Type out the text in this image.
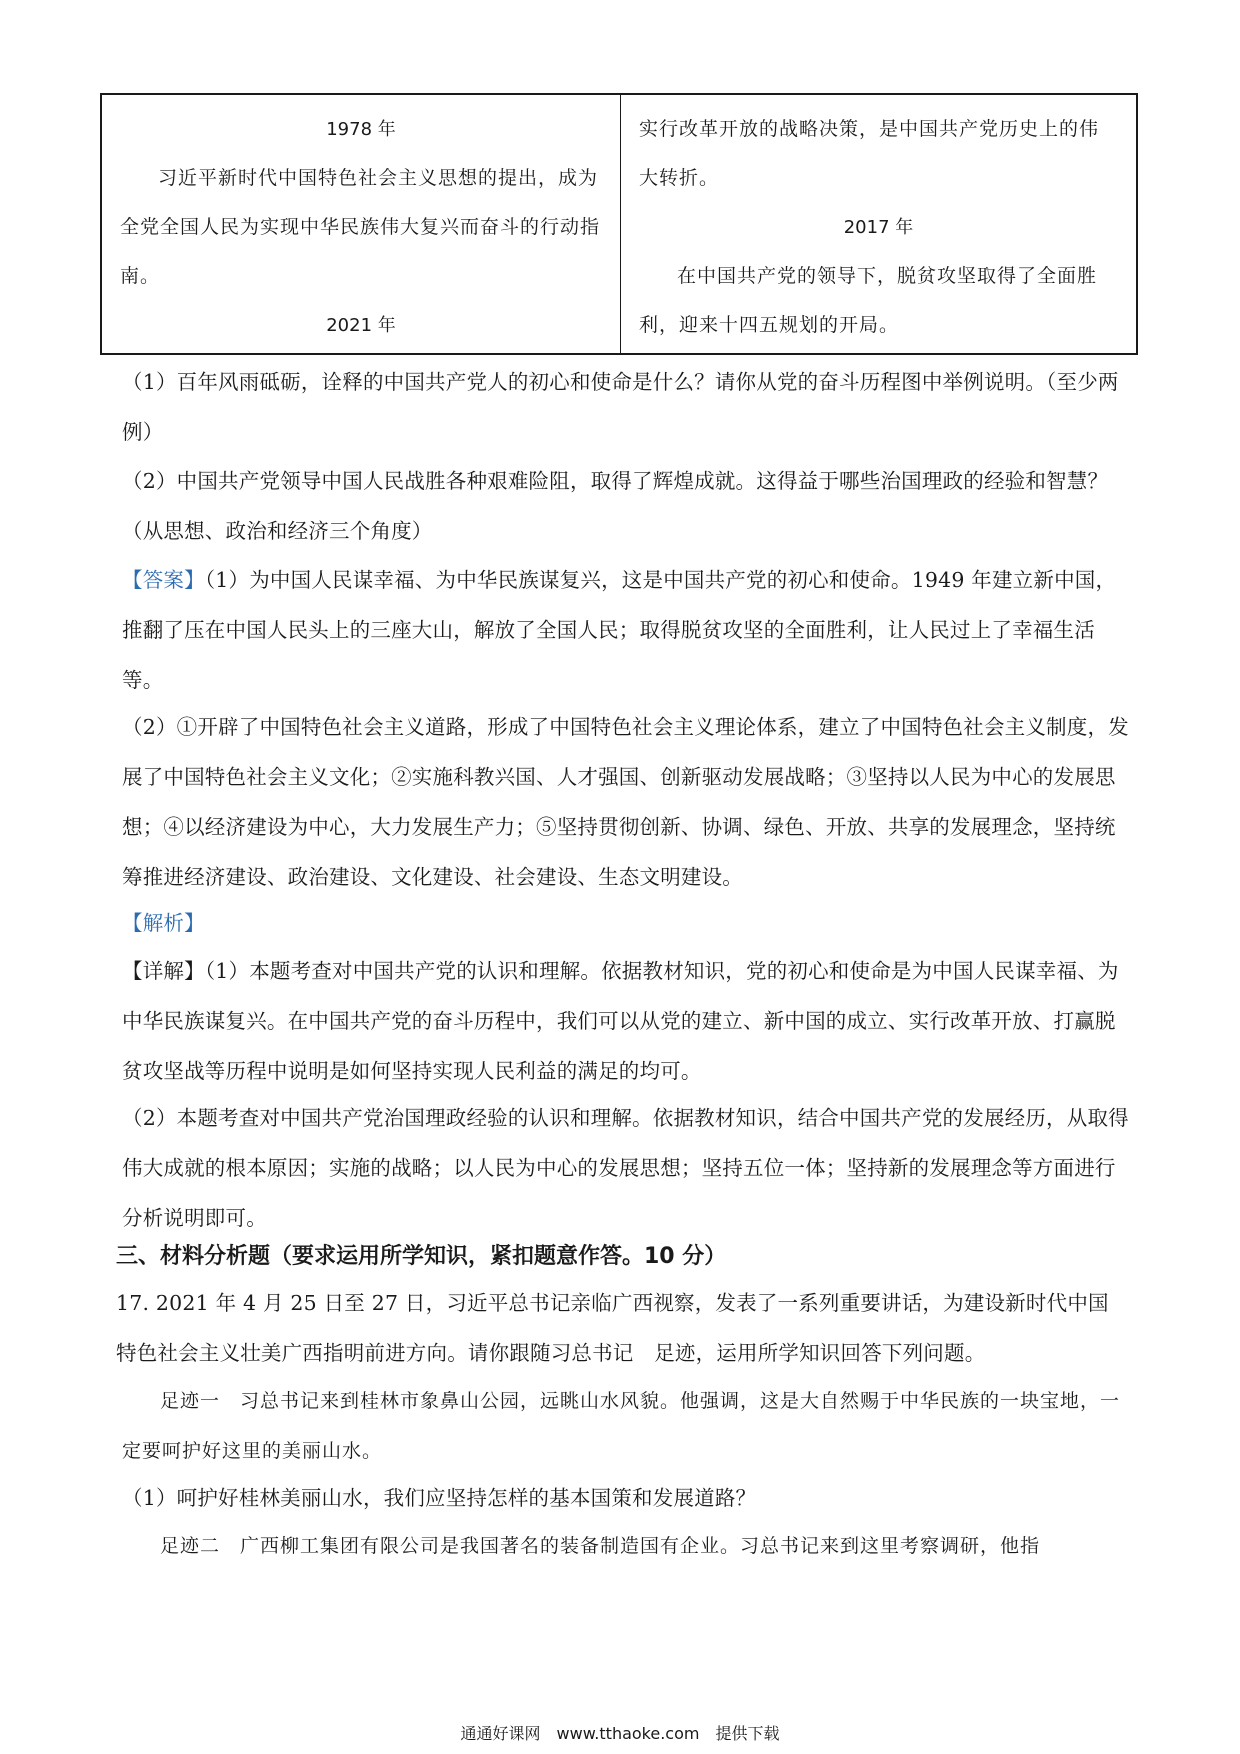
1978 年
习近平新时代中国特色社会主义思想的提出，成为全党全国人民为实现中华民族伟大复兴而奋斗的行动指南。
2021 年
实行改革开放的战略决策，是中国共产党历史上的伟大转折。
2017 年
在中国共产党的领导下，脱贫攻坚取得了全面胜利，迎来十四五规划的开局。
（1）百年风雨砥砺，诠释的中国共产党人的初心和使命是什么？请你从党的奋斗历程图中举例说明。（至少两例）
（2）中国共产党领导中国人民战胜各种艰难险阻，取得了辉煌成就。这得益于哪些治国理政的经验和智慧？（从思想、政治和经济三个角度）
【答案】（1）为中国人民谋幸福、为中华民族谋复兴，这是中国共产党的初心和使命。1949 年建立新中国，推翻了压在中国人民头上的三座大山，解放了全国人民；取得脱贫攻坚的全面胜利，让人民过上了幸福生活等。
（2）①开辟了中国特色社会主义道路，形成了中国特色社会主义理论体系，建立了中国特色社会主义制度，发展了中国特色社会主义文化；②实施科教兴国、人才强国、创新驱动发展战略；③坚持以人民为中心的发展思想；④以经济建设为中心，大力发展生产力；⑤坚持贯彻创新、协调、绿色、开放、共享的发展理念，坚持统筹推进经济建设、政治建设、文化建设、社会建设、生态文明建设。
【解析】
【详解】（1）本题考查对中国共产党的认识和理解。依据教材知识，党的初心和使命是为中国人民谋幸福、为中华民族谋复兴。在中国共产党的奋斗历程中，我们可以从党的建立、新中国的成立、实行改革开放、打赢脱贫攻坚战等历程中说明是如何坚持实现人民利益的满足的均可。
（2）本题考查对中国共产党治国理政经验的认识和理解。依据教材知识，结合中国共产党的发展经历，从取得伟大成就的根本原因；实施的战略；以人民为中心的发展思想；坚持五位一体；坚持新的发展理念等方面进行分析说明即可。
三、材料分析题（要求运用所学知识，紧扣题意作答。10 分）
17. 2021 年 4 月 25 日至 27 日，习近平总书记亲临广西视察，发表了一系列重要讲话，为建设新时代中国特色社会主义壮美广西指明前进方向。请你跟随习总书记　足迹，运用所学知识回答下列问题。
足迹一　习总书记来到桂林市象鼻山公园，远眺山水风貌。他强调，这是大自然赐于中华民族的一块宝地，一定要呵护好这里的美丽山水。
（1）呵护好桂林美丽山水，我们应坚持怎样的基本国策和发展道路？
足迹二　广西柳工集团有限公司是我国著名的装备制造国有企业。习总书记来到这里考察调研，他指
通通好课网　www.tthaoke.com　提供下载
